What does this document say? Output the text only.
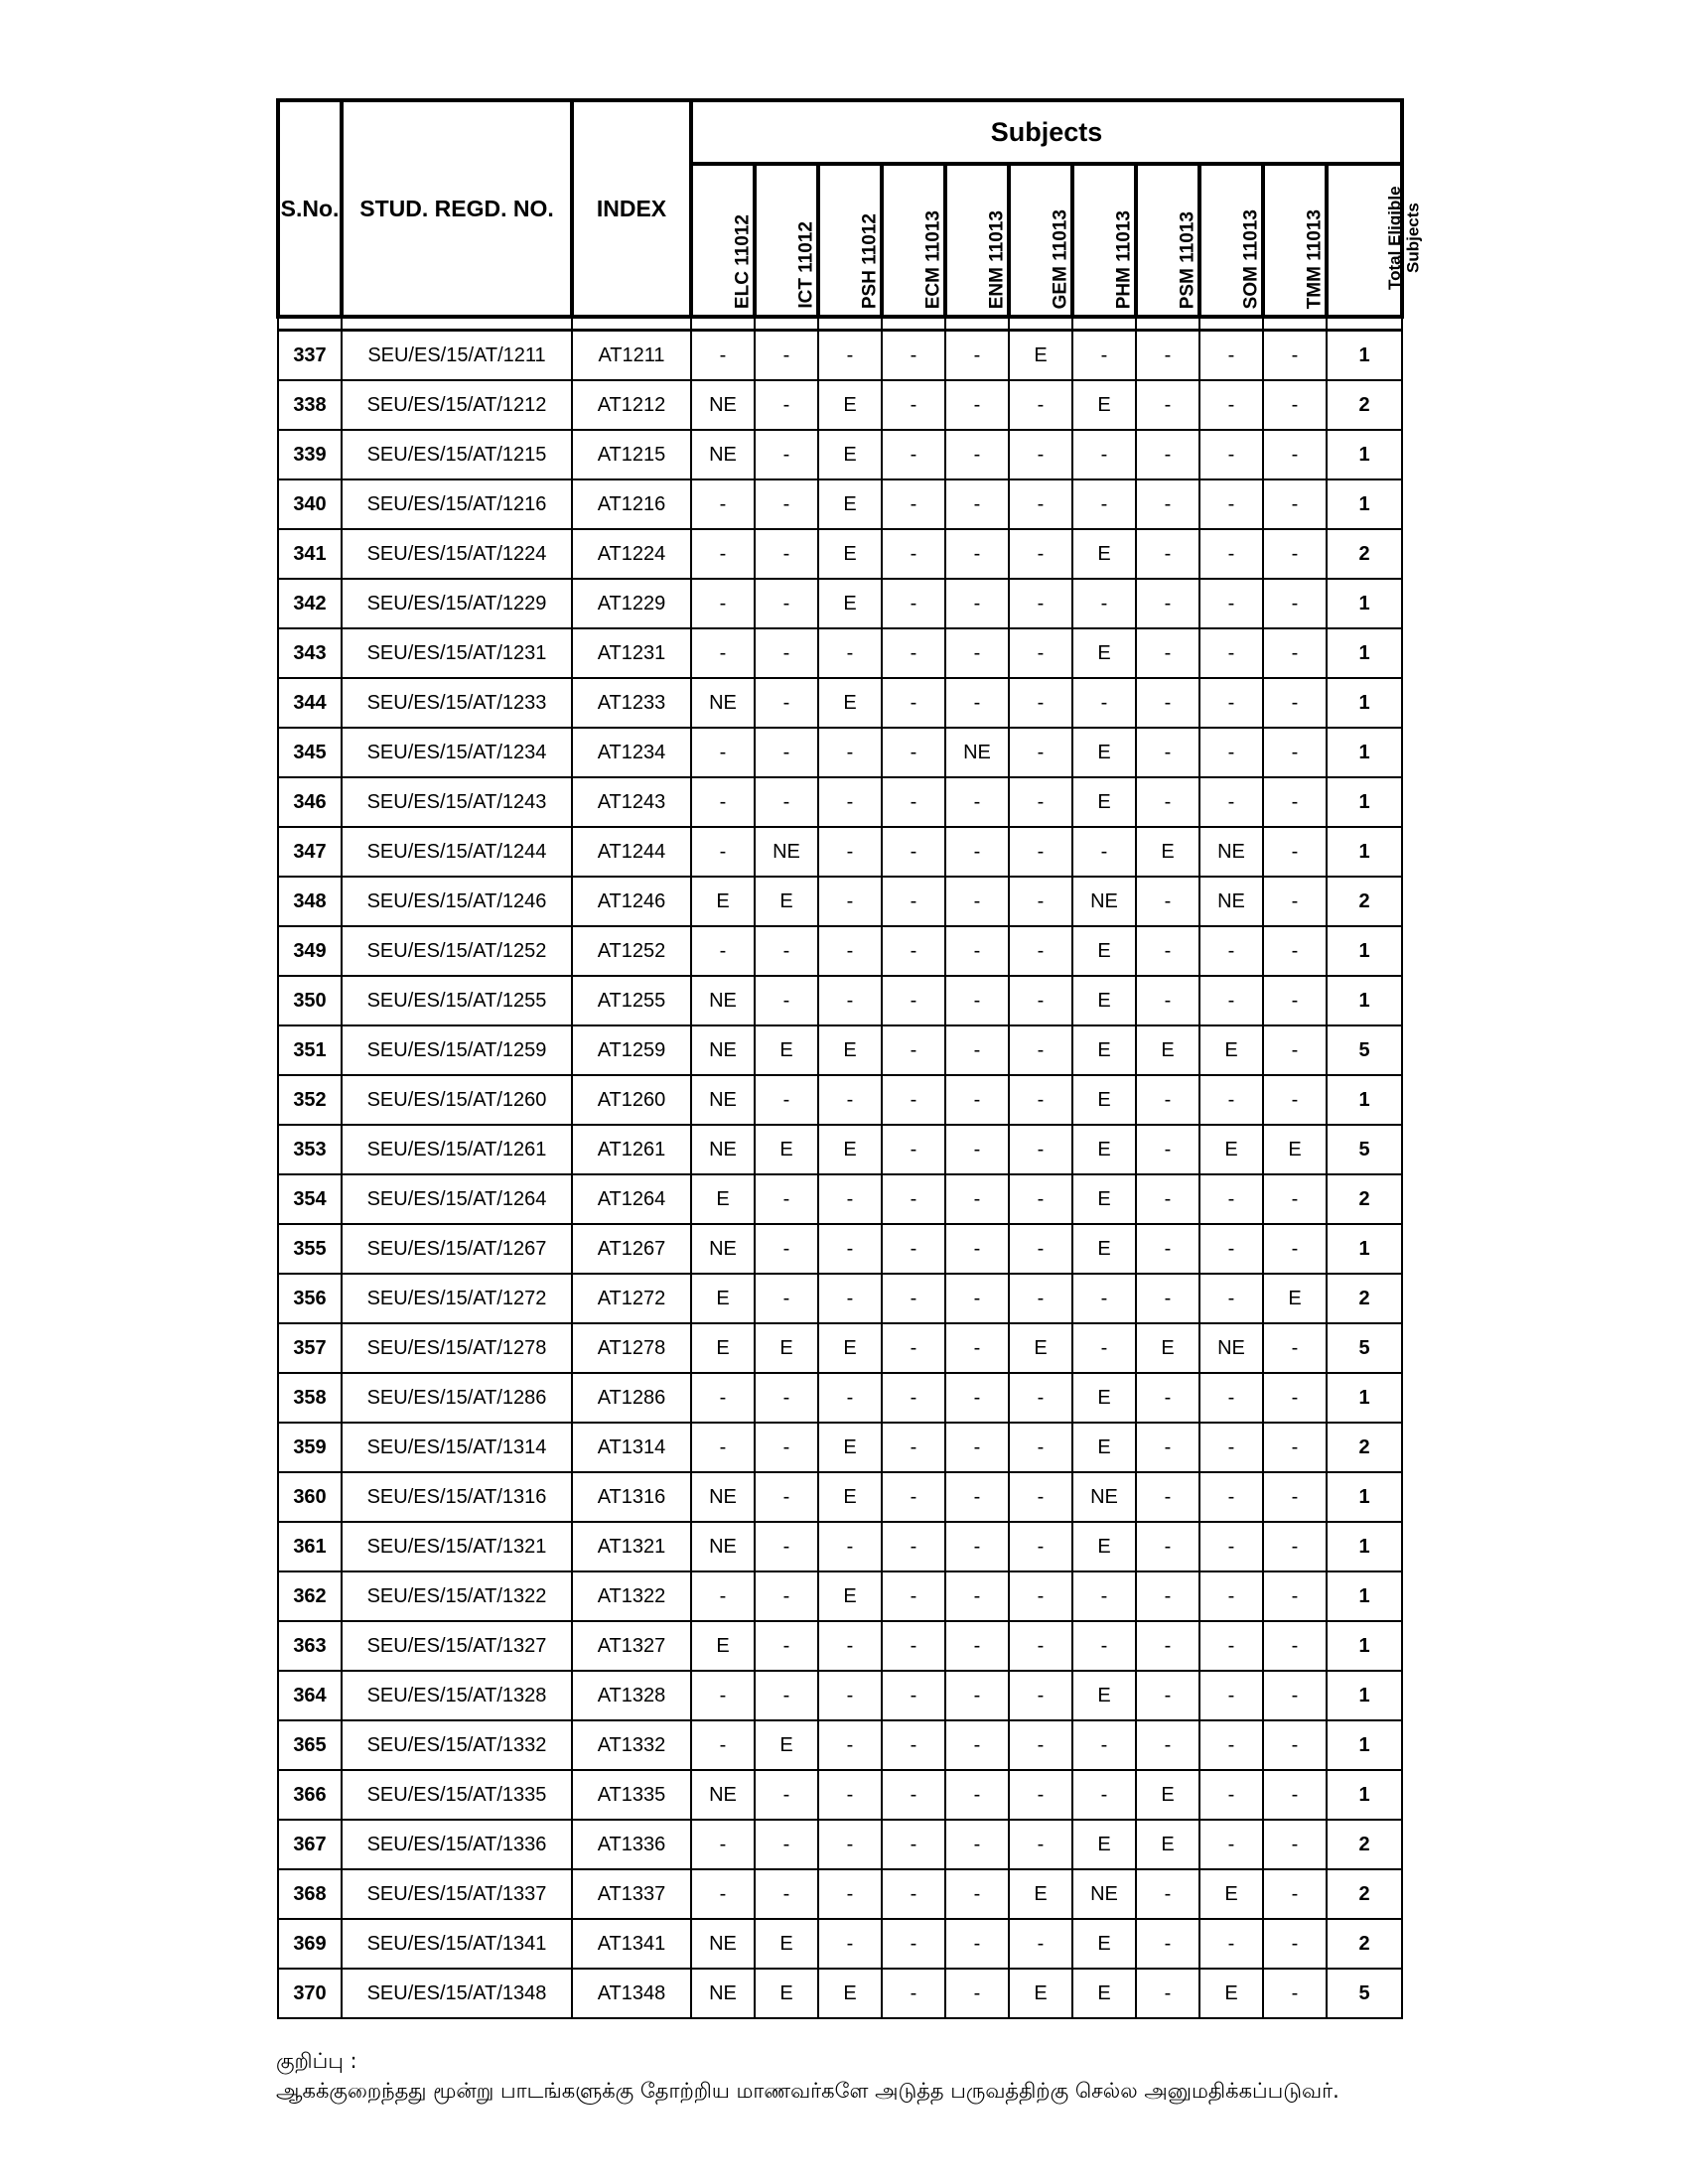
S.No.	STUD. REGD. NO.	INDEX	Subjects										

			ELC 11012	ICT 11012	PSH 11012	ECM 11013	ENM 11013	GEM 11013	PHM 11013	PSM 11013	SOM 11013	TMM 11013	Total Eligible Subjects

337	SEU/ES/15/AT/1211	AT1211	-	-	-	-	-	E	-	-	-	-	1
338	SEU/ES/15/AT/1212	AT1212	NE	-	E	-	-	-	E	-	-	-	2
339	SEU/ES/15/AT/1215	AT1215	NE	-	E	-	-	-	-	-	-	-	1
340	SEU/ES/15/AT/1216	AT1216	-	-	E	-	-	-	-	-	-	-	1
341	SEU/ES/15/AT/1224	AT1224	-	-	E	-	-	-	E	-	-	-	2
342	SEU/ES/15/AT/1229	AT1229	-	-	E	-	-	-	-	-	-	-	1
343	SEU/ES/15/AT/1231	AT1231	-	-	-	-	-	-	E	-	-	-	1
344	SEU/ES/15/AT/1233	AT1233	NE	-	E	-	-	-	-	-	-	-	1
345	SEU/ES/15/AT/1234	AT1234	-	-	-	-	NE	-	E	-	-	-	1
346	SEU/ES/15/AT/1243	AT1243	-	-	-	-	-	-	E	-	-	-	1
347	SEU/ES/15/AT/1244	AT1244	-	NE	-	-	-	-	-	E	NE	-	1
348	SEU/ES/15/AT/1246	AT1246	E	E	-	-	-	-	NE	-	NE	-	2
349	SEU/ES/15/AT/1252	AT1252	-	-	-	-	-	-	E	-	-	-	1
350	SEU/ES/15/AT/1255	AT1255	NE	-	-	-	-	-	E	-	-	-	1
351	SEU/ES/15/AT/1259	AT1259	NE	E	E	-	-	-	E	E	E	-	5
352	SEU/ES/15/AT/1260	AT1260	NE	-	-	-	-	-	E	-	-	-	1
353	SEU/ES/15/AT/1261	AT1261	NE	E	E	-	-	-	E	-	E	E	5
354	SEU/ES/15/AT/1264	AT1264	E	-	-	-	-	-	E	-	-	-	2
355	SEU/ES/15/AT/1267	AT1267	NE	-	-	-	-	-	E	-	-	-	1
356	SEU/ES/15/AT/1272	AT1272	E	-	-	-	-	-	-	-	-	E	2
357	SEU/ES/15/AT/1278	AT1278	E	E	E	-	-	E	-	E	NE	-	5
358	SEU/ES/15/AT/1286	AT1286	-	-	-	-	-	-	E	-	-	-	1
359	SEU/ES/15/AT/1314	AT1314	-	-	E	-	-	-	E	-	-	-	2
360	SEU/ES/15/AT/1316	AT1316	NE	-	E	-	-	-	NE	-	-	-	1
361	SEU/ES/15/AT/1321	AT1321	NE	-	-	-	-	-	E	-	-	-	1
362	SEU/ES/15/AT/1322	AT1322	-	-	E	-	-	-	-	-	-	-	1
363	SEU/ES/15/AT/1327	AT1327	E	-	-	-	-	-	-	-	-	-	1
364	SEU/ES/15/AT/1328	AT1328	-	-	-	-	-	-	E	-	-	-	1
365	SEU/ES/15/AT/1332	AT1332	-	E	-	-	-	-	-	-	-	-	1
366	SEU/ES/15/AT/1335	AT1335	NE	-	-	-	-	-	-	E	-	-	1
367	SEU/ES/15/AT/1336	AT1336	-	-	-	-	-	-	E	E	-	-	2
368	SEU/ES/15/AT/1337	AT1337	-	-	-	-	-	E	NE	-	E	-	2
369	SEU/ES/15/AT/1341	AT1341	NE	E	-	-	-	-	E	-	-	-	2
370	SEU/ES/15/AT/1348	AT1348	NE	E	E	-	-	E	E	-	E	-	5
குறிப்பு :
ஆகக்குறைந்தது மூன்று பாடங்களுக்கு தோற்றிய மாணவர்களே அடுத்த பருவத்திற்கு செல்ல அனுமதிக்கப்படுவர்.
